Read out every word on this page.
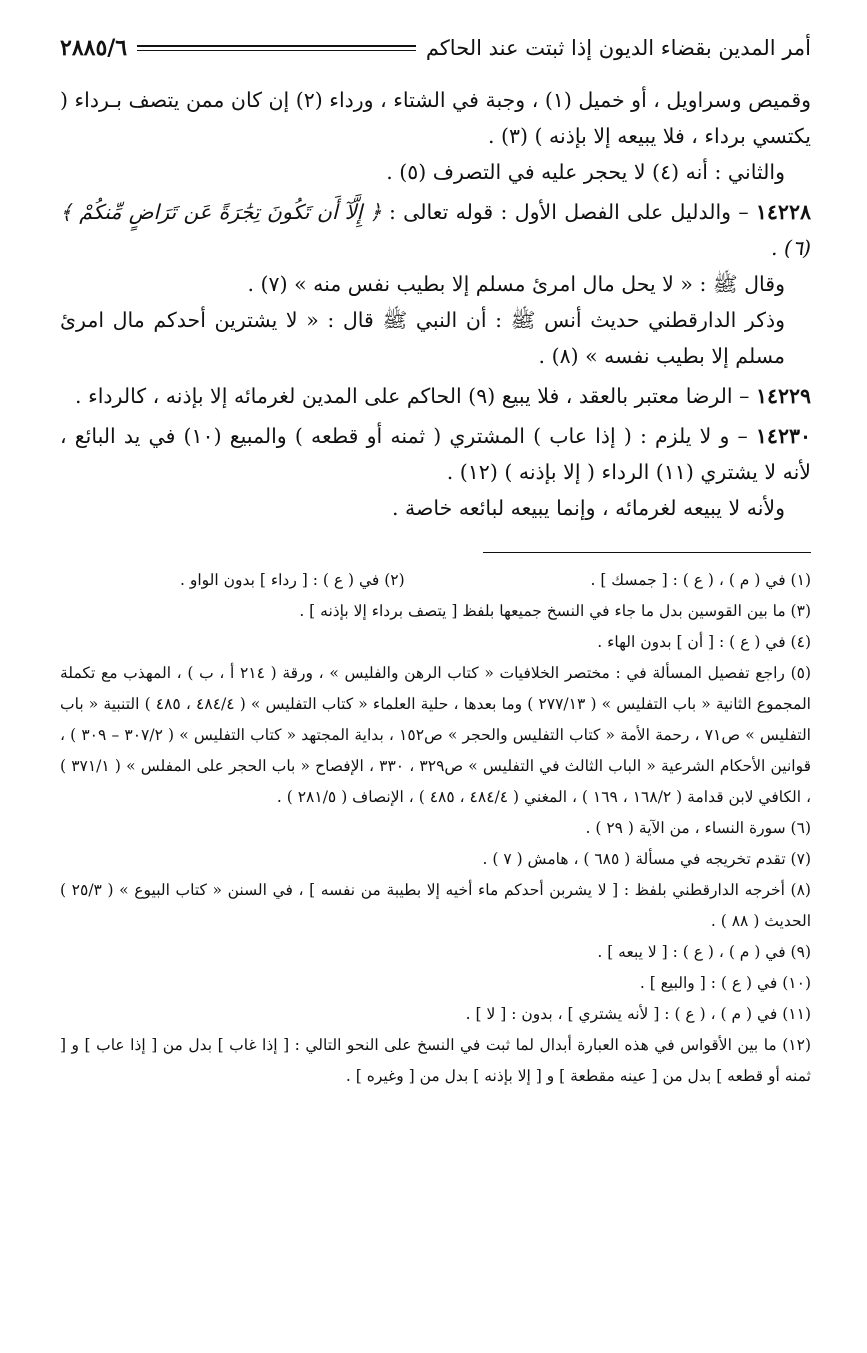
أمر المدين بقضاء الديون إذا ثبتت عند الحاكم
٢٨٨٥/٦

وقميص وسراويل ، أو خميل (١) ، وجبة في الشتاء ، ورداء (٢) إن كان ممن يتصف بـرداء ( يكتسي برداء ، فلا يبيعه إلا بإذنه ) (٣) .

والثاني : أنه (٤) لا يحجر عليه في التصرف (٥) .

١٤٢٢٨ – والدليل على الفصل الأول : قوله تعالى : ﴿ إِلَّآ أَن تَكُونَ تِجَٰرَةً عَن تَرَاضٍ مِّنكُمْ ﴾ (٦) .

وقال ﷺ : « لا يحل مال امرئ مسلم إلا بطيب نفس منه » (٧) .

وذكر الدارقطني حديث أنس ﷺ : أن النبي ﷺ قال : « لا يشترين أحدكم مال امرئ مسلم إلا بطيب نفسه » (٨) .

١٤٢٢٩ – الرضا معتبر بالعقد ، فلا يبيع (٩) الحاكم على المدين لغرمائه إلا بإذنه ، كالرداء .

١٤٢٣٠ – و لا يلزم : ( إذا عاب ) المشتري ( ثمنه أو قطعه ) والمبيع (١٠) في يد البائع ، لأنه لا يشتري (١١) الرداء ( إلا بإذنه ) (١٢) .

ولأنه لا يبيعه لغرمائه ، وإنما يبيعه لبائعه خاصة .

(١) في ( م ) ، ( ع ) : [ جمسك ] .

(٢) في ( ع ) : [ رداء ] بدون الواو .

(٣) ما بين القوسين بدل ما جاء في النسخ جميعها بلفظ [ يتصف برداء إلا بإذنه ] .

(٤) في ( ع ) : [ أن ] بدون الهاء .

(٥) راجع تفصيل المسألة في : مختصر الخلافيات « كتاب الرهن والفليس » ، ورقة ( ٢١٤ أ ، ب ) ، المهذب مع تكملة المجموع الثانية « باب التفليس » ( ٢٧٧/١٣ ) وما بعدها ، حلية العلماء « كتاب التفليس » ( ٤٨٤/٤ ، ٤٨٥ ) التنبية « باب التفليس » ص٧١ ، رحمة الأمة « كتاب التفليس والحجر » ص١٥٢ ، بداية المجتهد « كتاب التفليس » ( ٣٠٧/٢ – ٣٠٩ ) ، قوانين الأحكام الشرعية « الباب الثالث في التفليس » ص٣٢٩ ، ٣٣٠ ، الإفصاح « باب الحجر على المفلس » ( ٣٧١/١ ) ، الكافي لابن قدامة ( ١٦٨/٢ ، ١٦٩ ) ، المغني ( ٤٨٤/٤ ، ٤٨٥ ) ، الإنصاف ( ٢٨١/٥ ) .

(٦) سورة النساء ، من الآية ( ٢٩ ) .

(٧) تقدم تخريجه في مسألة ( ٦٨٥ ) ، هامش ( ٧ ) .

(٨) أخرجه الدارقطني بلفظ : [ لا يشربن أحدكم ماء أخيه إلا بطيبة من نفسه ] ، في السنن « كتاب البيوع » ( ٢٥/٣ ) الحديث ( ٨٨ ) .

(٩) في ( م ) ، ( ع ) : [ لا يبعه ] .

(١٠) في ( ع ) : [ والبيع ] .

(١١) في ( م ) ، ( ع ) : [ لأنه يشتري ] ، بدون : [ لا ] .

(١٢) ما بين الأقواس في هذه العبارة أبدال لما ثبت في النسخ على النحو التالي : [ إذا غاب ] بدل من [ إذا عاب ] و [ ثمنه أو قطعه ] بدل من [ عينه مقطعة ] و [ إلا بإذنه ] بدل من [ وغيره ] .
